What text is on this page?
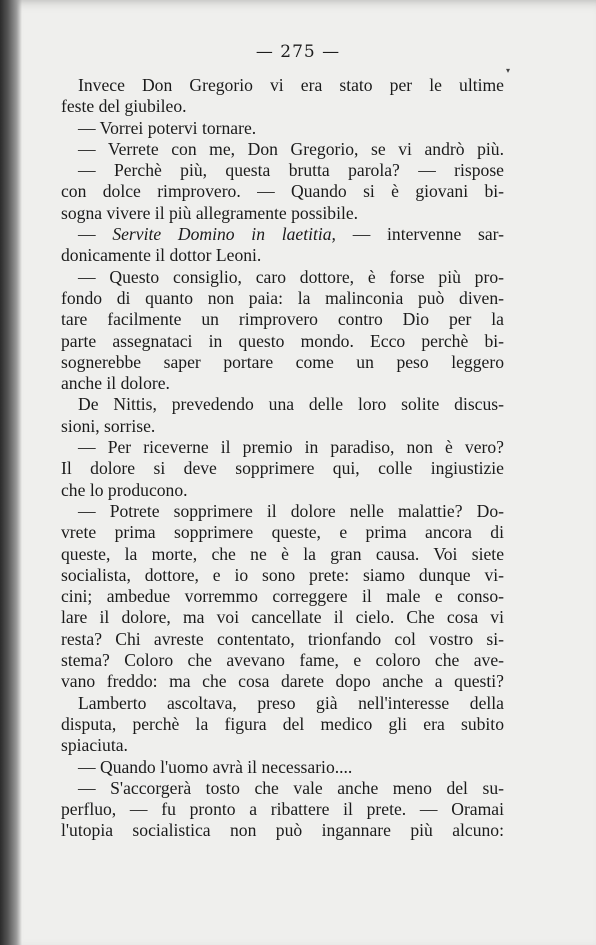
— 275 —
▾
Invece Don Gregorio vi era stato per le ultime
feste del giubileo.
— Vorrei potervi tornare.
— Verrete con me, Don Gregorio, se vi andrò più.
— Perchè più, questa brutta parola? — rispose
con dolce rimprovero. — Quando si è giovani bi-
sogna vivere il più allegramente possibile.
— Servite Domino in laetitia, — intervenne sar-
donicamente il dottor Leoni.
— Questo consiglio, caro dottore, è forse più pro-
fondo di quanto non paia: la malinconia può diven-
tare facilmente un rimprovero contro Dio per la
parte assegnataci in questo mondo. Ecco perchè bi-
sognerebbe saper portare come un peso leggero
anche il dolore.
De Nittis, prevedendo una delle loro solite discus-
sioni, sorrise.
— Per riceverne il premio in paradiso, non è vero?
Il dolore si deve sopprimere qui, colle ingiustizie
che lo producono.
— Potrete sopprimere il dolore nelle malattie? Do-
vrete prima sopprimere queste, e prima ancora di
queste, la morte, che ne è la gran causa. Voi siete
socialista, dottore, e io sono prete: siamo dunque vi-
cini; ambedue vorremmo correggere il male e conso-
lare il dolore, ma voi cancellate il cielo. Che cosa vi
resta? Chi avreste contentato, trionfando col vostro si-
stema? Coloro che avevano fame, e coloro che ave-
vano freddo: ma che cosa darete dopo anche a questi?
Lamberto ascoltava, preso già nell'interesse della
disputa, perchè la figura del medico gli era subito
spiaciuta.
— Quando l'uomo avrà il necessario....
— S'accorgerà tosto che vale anche meno del su-
perfluo, — fu pronto a ribattere il prete. — Oramai
l'utopia socialistica non può ingannare più alcuno:
